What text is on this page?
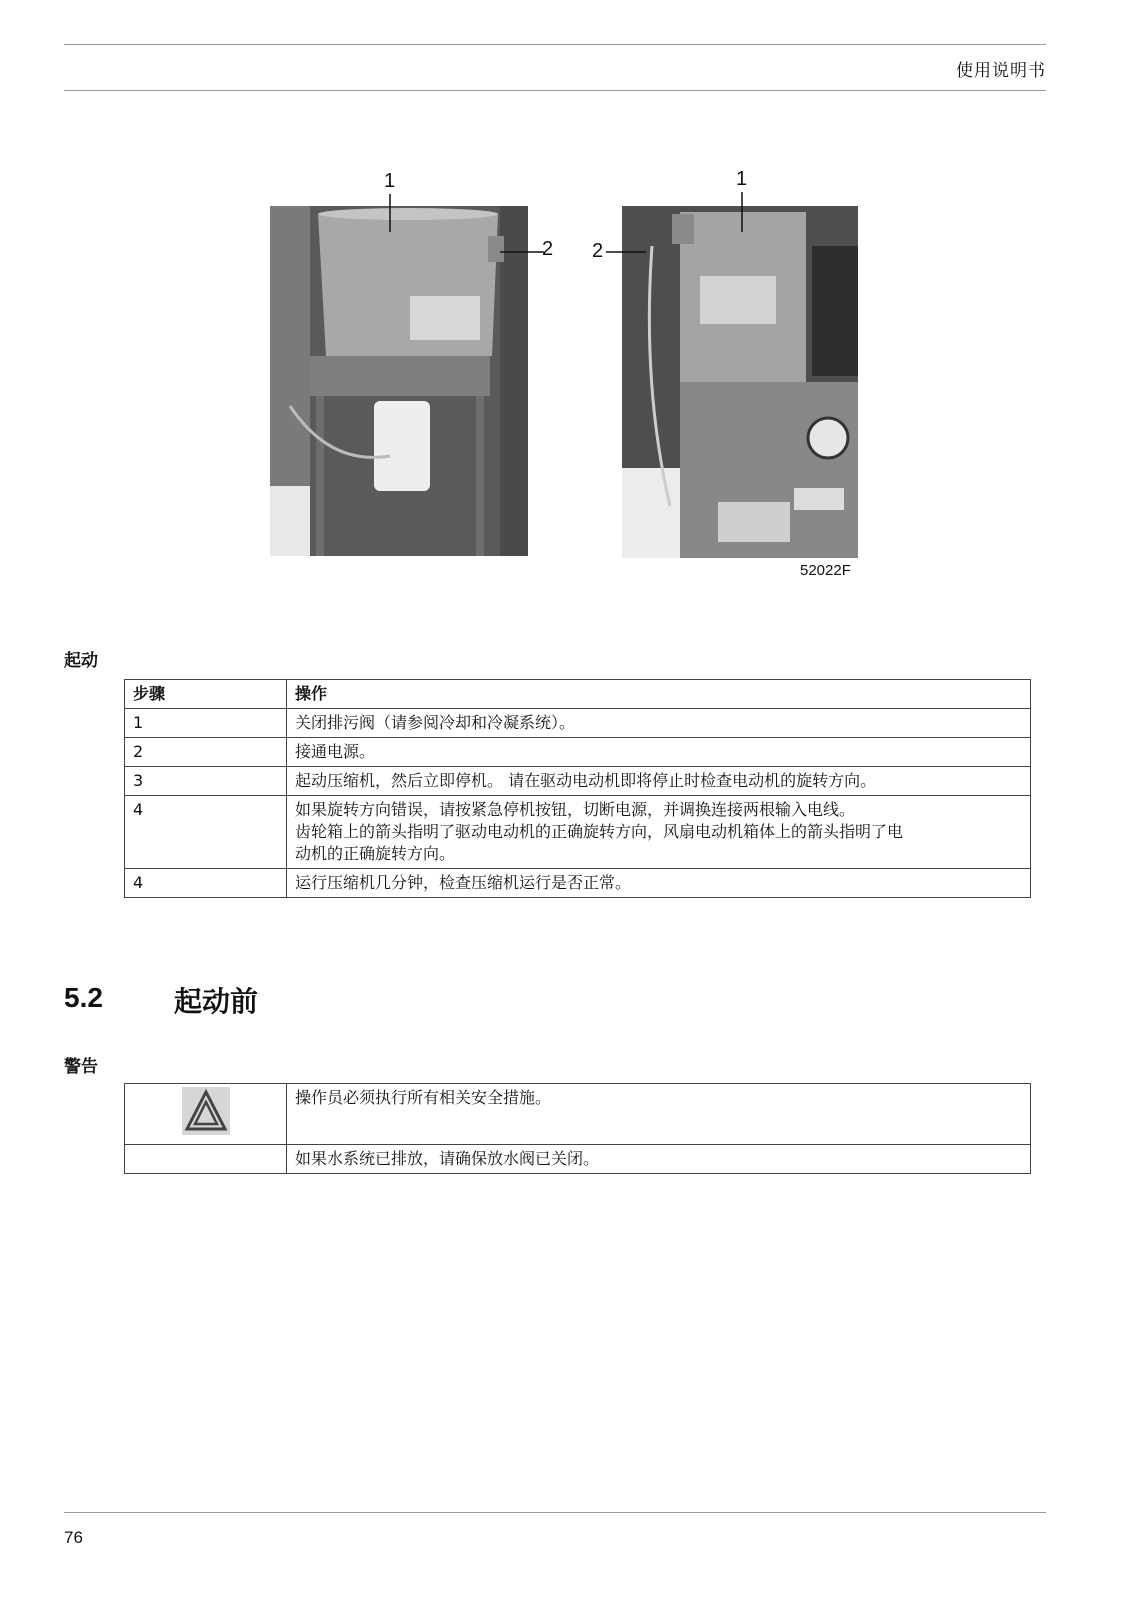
使用说明书
1
2
1
2
52022F
起动
步骤	操作
1	关闭排污阀（请参阅冷却和冷凝系统）。

2	接通电源。

3	起动压缩机，然后立即停机。 请在驱动电动机即将停止时检查电动机的旋转方向。

4	如果旋转方向错误，请按紧急停机按钮，切断电源，并调换连接两根输入电线。
齿轮箱上的箭头指明了驱动电动机的正确旋转方向，风扇电动机箱体上的箭头指明了电
动机的正确旋转方向。

4	运行压缩机几分钟，检查压缩机运行是否正常。
5.2	起动前
警告
	操作员必须执行所有相关安全措施。
	如果水系统已排放，请确保放水阀已关闭。
76
